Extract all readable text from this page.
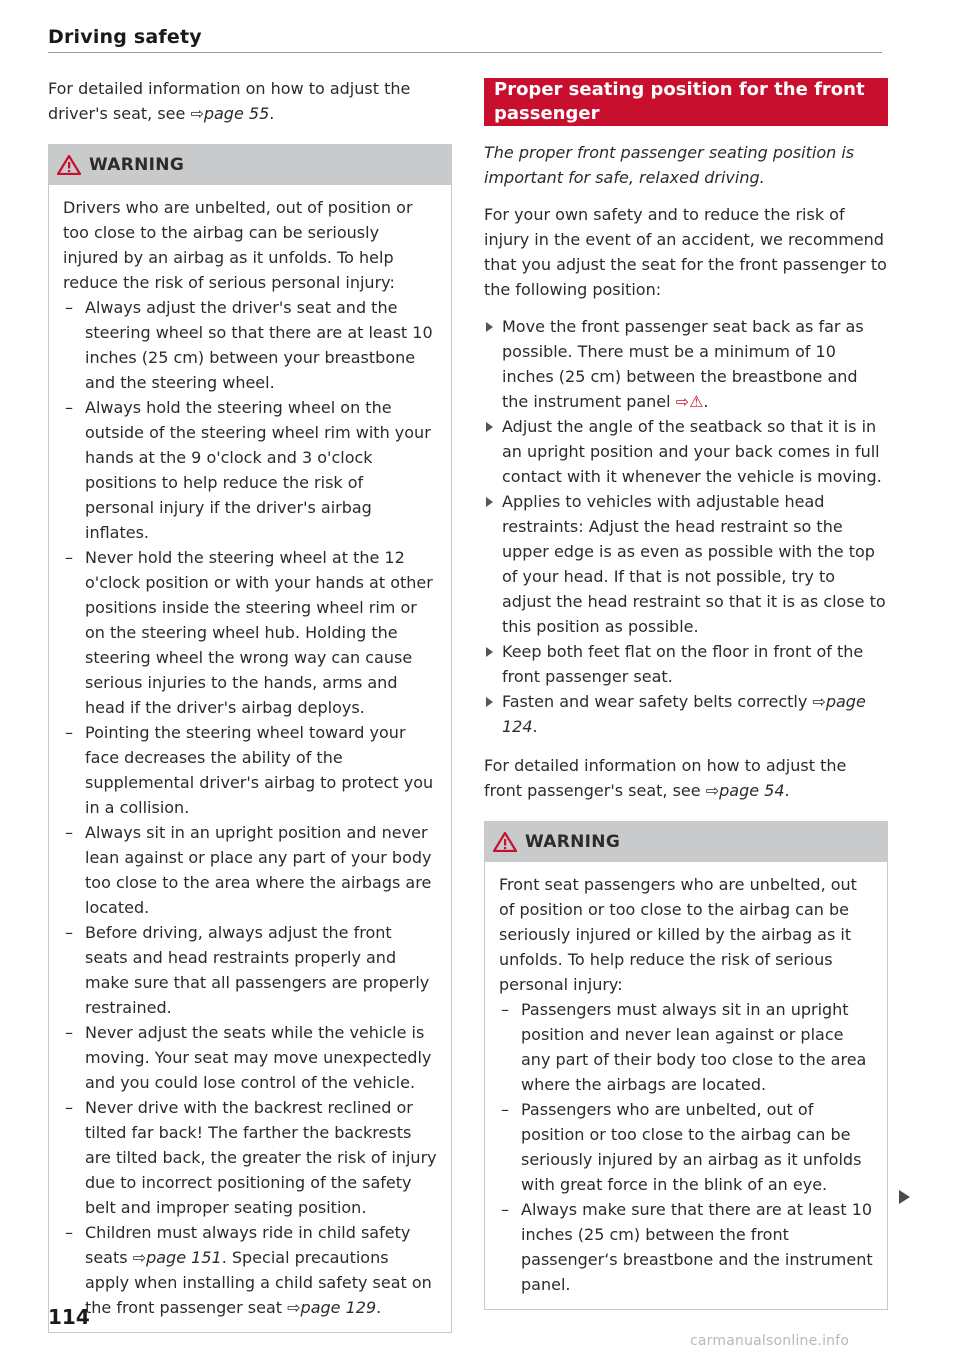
Driving safety

For detailed information on how to adjust the driver's seat, see ⇨page 55.

WARNING

Drivers who are unbelted, out of position or too close to the airbag can be seriously injured by an airbag as it unfolds. To help reduce the risk of serious personal injury:

– Always adjust the driver's seat and the steering wheel so that there are at least 10 inches (25 cm) between your breastbone and the steering wheel.
– Always hold the steering wheel on the outside of the steering wheel rim with your hands at the 9 o'clock and 3 o'clock positions to help reduce the risk of personal injury if the driver's airbag inflates.
– Never hold the steering wheel at the 12 o'clock position or with your hands at other positions inside the steering wheel rim or on the steering wheel hub. Holding the steering wheel the wrong way can cause serious injuries to the hands, arms and head if the driver's airbag deploys.
– Pointing the steering wheel toward your face decreases the ability of the supplemental driver's airbag to protect you in a collision.
– Always sit in an upright position and never lean against or place any part of your body too close to the area where the airbags are located.
– Before driving, always adjust the front seats and head restraints properly and make sure that all passengers are properly restrained.
– Never adjust the seats while the vehicle is moving. Your seat may move unexpectedly and you could lose control of the vehicle.
– Never drive with the backrest reclined or tilted far back! The farther the backrests are tilted back, the greater the risk of injury due to incorrect positioning of the safety belt and improper seating position.
– Children must always ride in child safety seats ⇨page 151. Special precautions apply when installing a child safety seat on the front passenger seat ⇨page 129.
Proper seating position for the front passenger

The proper front passenger seating position is important for safe, relaxed driving.

For your own safety and to reduce the risk of injury in the event of an accident, we recommend that you adjust the seat for the front passenger to the following position:

Move the front passenger seat back as far as possible. There must be a minimum of 10 inches (25 cm) between the breastbone and the instrument panel ⇨⚠.
Adjust the angle of the seatback so that it is in an upright position and your back comes in full contact with it whenever the vehicle is moving.
Applies to vehicles with adjustable head restraints: Adjust the head restraint so the upper edge is as even as possible with the top of your head. If that is not possible, try to adjust the head restraint so that it is as close to this position as possible.
Keep both feet flat on the floor in front of the front passenger seat.
Fasten and wear safety belts correctly ⇨page 124.

For detailed information on how to adjust the front passenger's seat, see ⇨page 54.

WARNING

Front seat passengers who are unbelted, out of position or too close to the airbag can be seriously injured or killed by the airbag as it unfolds. To help reduce the risk of serious personal injury:

– Passengers must always sit in an upright position and never lean against or place any part of their body too close to the area where the airbags are located.
– Passengers who are unbelted, out of position or too close to the airbag can be seriously injured by an airbag as it unfolds with great force in the blink of an eye.
– Always make sure that there are at least 10 inches (25 cm) between the front passenger‘s breastbone and the instrument panel.
114
carmanualsonline.info
